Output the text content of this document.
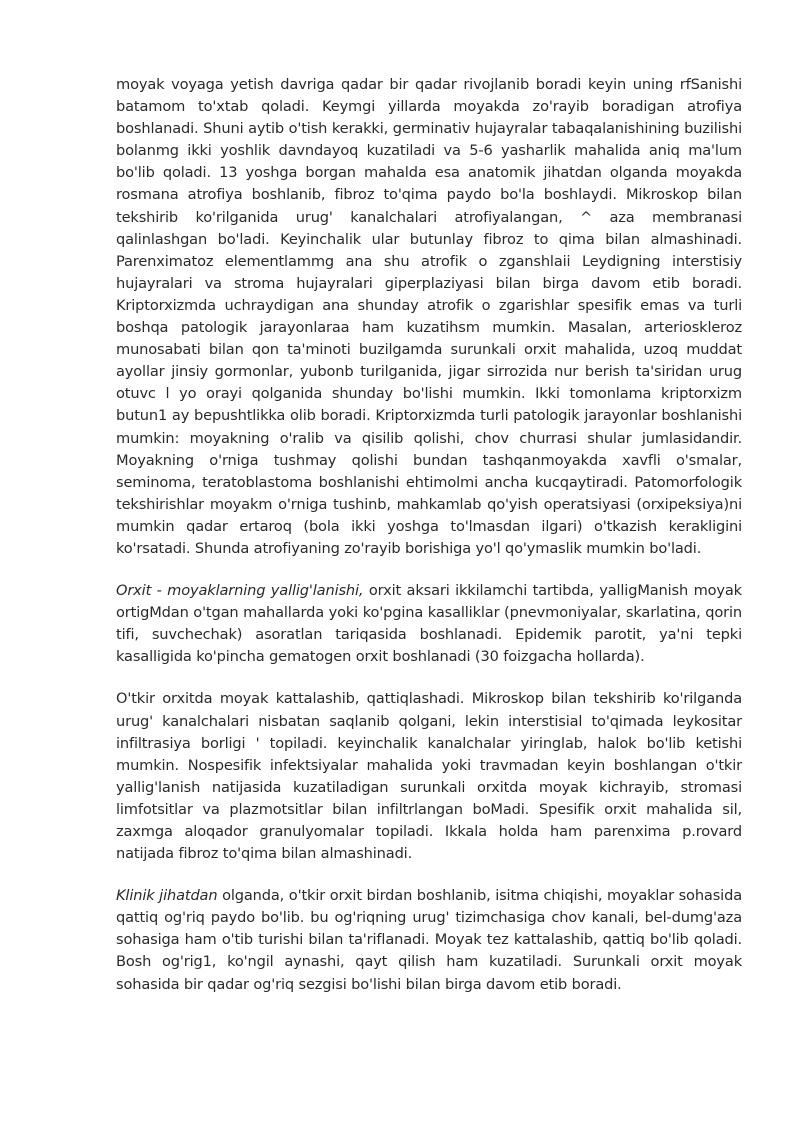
moyak voyaga yetish davriga qadar bir qadar rivojlanib boradi keyin uning rfSanishi batamom to'xtab qoladi. Keymgi yillarda moyakda zo'rayib boradigan atrofiya boshlanadi. Shuni aytib o'tish kerakki, germinativ hujayralar tabaqalanishining buzilishi bolanmg ikki yoshlik davndayoq kuzatiladi va 5-6 yasharlik mahalida aniq ma'lum bo'lib qoladi. 13 yoshga borgan mahalda esa anatomik jihatdan olganda moyakda rosmana atrofiya boshlanib, fibroz to'qima paydo bo'la boshlaydi. Mikroskop bilan tekshirib ko'rilganida urug' kanalchalari atrofiyalangan, ^ aza membranasi qalinlashgan bo'ladi. Keyinchalik ular butunlay fibroz to qima bilan almashinadi. Parenximatoz elementlammg ana shu atrofik o zganshlaii Leydigning interstisiy hujayralari va stroma hujayralari giperplaziyasi bilan birga davom etib boradi. Kriptorxizmda uchraydigan ana shunday atrofik o zgarishlar spesifik emas va turli boshqa patologik jarayonlaraa ham kuzatihsm mumkin. Masalan, arterioskleroz munosabati bilan qon ta'minoti buzilgamda surunkali orxit mahalida, uzoq muddat ayollar jinsiy gormonlar, yubonb turilganida, jigar sirrozida nur berish ta'siridan urug otuvc l yo orayi qolganida shunday bo'lishi mumkin. Ikki tomonlama kriptorxizm butun1 ay bepushtlikka olib boradi. Kriptorxizmda turli patologik jarayonlar boshlanishi mumkin: moyakning o'ralib va qisilib qolishi, chov churrasi shular jumlasidandir. Moyakning o'rniga tushmay qolishi bundan tashqanmoyakda xavfli o'smalar, seminoma, teratoblastoma boshlanishi ehtimolmi ancha kucqaytiradi. Patomorfologik tekshirishlar moyakm o'rniga tushinb, mahkamlab qo'yish operatsiyasi (orxipeksiya)ni mumkin qadar ertaroq (bola ikki yoshga to'lmasdan ilgari) o'tkazish kerakligini ko'rsatadi. Shunda atrofiyaning zo'rayib borishiga yo'l qo'ymaslik mumkin bo'ladi.

Orxit - moyaklarning yallig'lanishi, orxit aksari ikkilamchi tartibda, yalligManish moyak ortigMdan o'tgan mahallarda yoki ko'pgina kasalliklar (pnevmoniyalar, skarlatina, qorin tifi, suvchechak) asoratlan tariqasida boshlanadi. Epidemik parotit, ya'ni tepki kasalligida ko'pincha gematogen orxit boshlanadi (30 foizgacha hollarda).

O'tkir orxitda moyak kattalashib, qattiqlashadi. Mikroskop bilan tekshirib ko'rilganda urug' kanalchalari nisbatan saqlanib qolgani, lekin interstisial to'qimada leykositar infiltrasiya borligi ' topiladi. keyinchalik kanalchalar yiringlab, halok bo'lib ketishi mumkin. Nospesifik infektsiyalar mahalida yoki travmadan keyin boshlangan o'tkir yallig'lanish natijasida kuzatiladigan surunkali orxitda moyak kichrayib, stromasi limfotsitlar va plazmotsitlar bilan infiltrlangan boMadi. Spesifik orxit mahalida sil, zaxmga aloqador granulyomalar topiladi. Ikkala holda ham parenxima p.rovard natijada fibroz to'qima bilan almashinadi.

Klinik jihatdan olganda, o'tkir orxit birdan boshlanib, isitma chiqishi, moyaklar sohasida qattiq og'riq paydo bo'lib. bu og'riqning urug' tizimchasiga chov kanali, bel-dumg'aza sohasiga ham o'tib turishi bilan ta'riflanadi. Moyak tez kattalashib, qattiq bo'lib qoladi. Bosh og'rig1, ko'ngil aynashi, qayt qilish ham kuzatiladi. Surunkali orxit moyak sohasida bir qadar og'riq sezgisi bo'lishi bilan birga davom etib boradi.
